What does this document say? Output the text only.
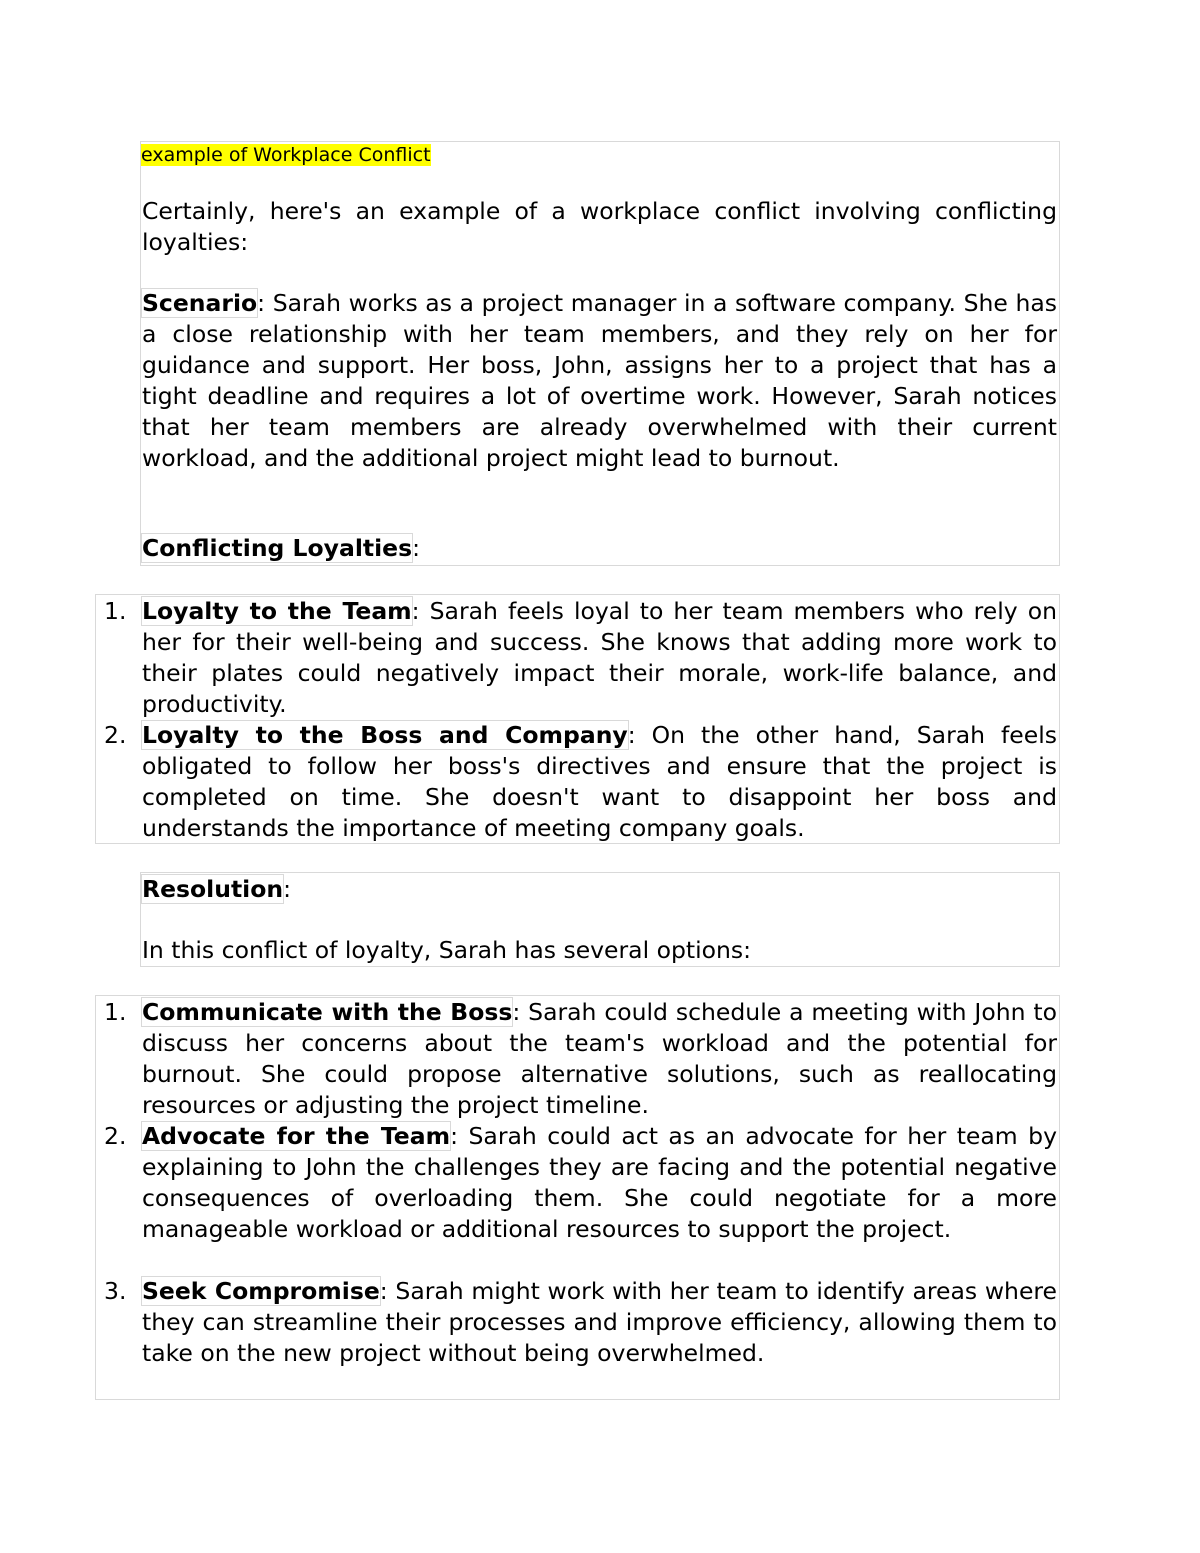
example of Workplace Conflict

Certainly, here's an example of a workplace conflict involving conflicting loyalties:

Scenario: Sarah works as a project manager in a software company. She has a close relationship with her team members, and they rely on her for guidance and support. Her boss, John, assigns her to a project that has a tight deadline and requires a lot of overtime work. However, Sarah notices that her team members are already overwhelmed with their current workload, and the additional project might lead to burnout.

Conflicting Loyalties:

1. Loyalty to the Team: Sarah feels loyal to her team members who rely on her for their well-being and success. She knows that adding more work to their plates could negatively impact their morale, work-life balance, and productivity.

2. Loyalty to the Boss and Company: On the other hand, Sarah feels obligated to follow her boss's directives and ensure that the project is completed on time. She doesn't want to disappoint her boss and understands the importance of meeting company goals.

Resolution:

In this conflict of loyalty, Sarah has several options:

1. Communicate with the Boss: Sarah could schedule a meeting with John to discuss her concerns about the team's workload and the potential for burnout. She could propose alternative solutions, such as reallocating resources or adjusting the project timeline.

2. Advocate for the Team: Sarah could act as an advocate for her team by explaining to John the challenges they are facing and the potential negative consequences of overloading them. She could negotiate for a more manageable workload or additional resources to support the project.

3. Seek Compromise: Sarah might work with her team to identify areas where they can streamline their processes and improve efficiency, allowing them to take on the new project without being overwhelmed.
